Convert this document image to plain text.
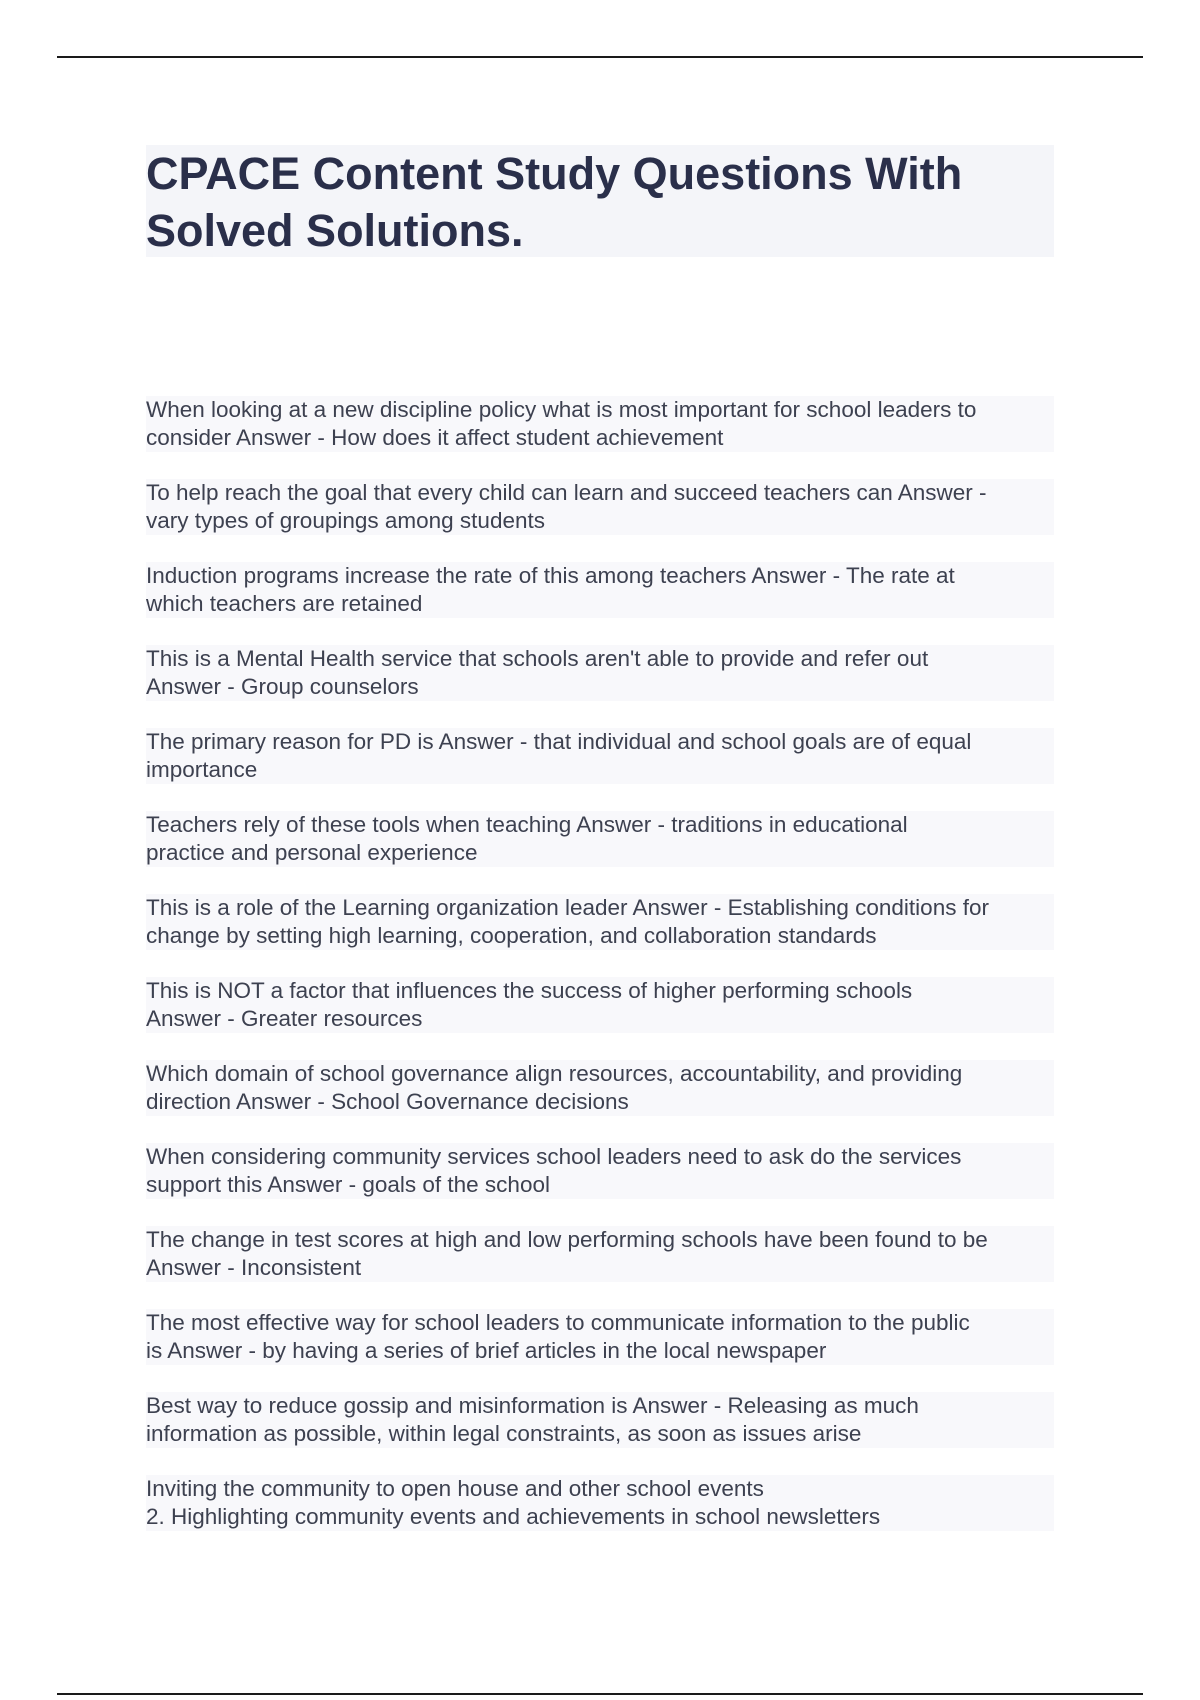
CPACE Content Study Questions With Solved Solutions.
When looking at a new discipline policy what is most important for school leaders to
consider Answer - How does it affect student achievement
To help reach the goal that every child can learn and succeed teachers can Answer -
vary types of groupings among students
Induction programs increase the rate of this among teachers Answer - The rate at
which teachers are retained
This is a Mental Health service that schools aren't able to provide and refer out
Answer - Group counselors
The primary reason for PD is Answer - that individual and school goals are of equal
importance
Teachers rely of these tools when teaching Answer - traditions in educational
practice and personal experience
This is a role of the Learning organization leader Answer - Establishing conditions for
change by setting high learning, cooperation, and collaboration standards
This is NOT a factor that influences the success of higher performing schools
Answer - Greater resources
Which domain of school governance align resources, accountability, and providing
direction Answer - School Governance decisions
When considering community services school leaders need to ask do the services
support this Answer - goals of the school
The change in test scores at high and low performing schools have been found to be
Answer - Inconsistent
The most effective way for school leaders to communicate information to the public
is Answer - by having a series of brief articles in the local newspaper
Best way to reduce gossip and misinformation is Answer - Releasing as much
information as possible, within legal constraints, as soon as issues arise
Inviting the community to open house and other school events
2. Highlighting community events and achievements in school newsletters
